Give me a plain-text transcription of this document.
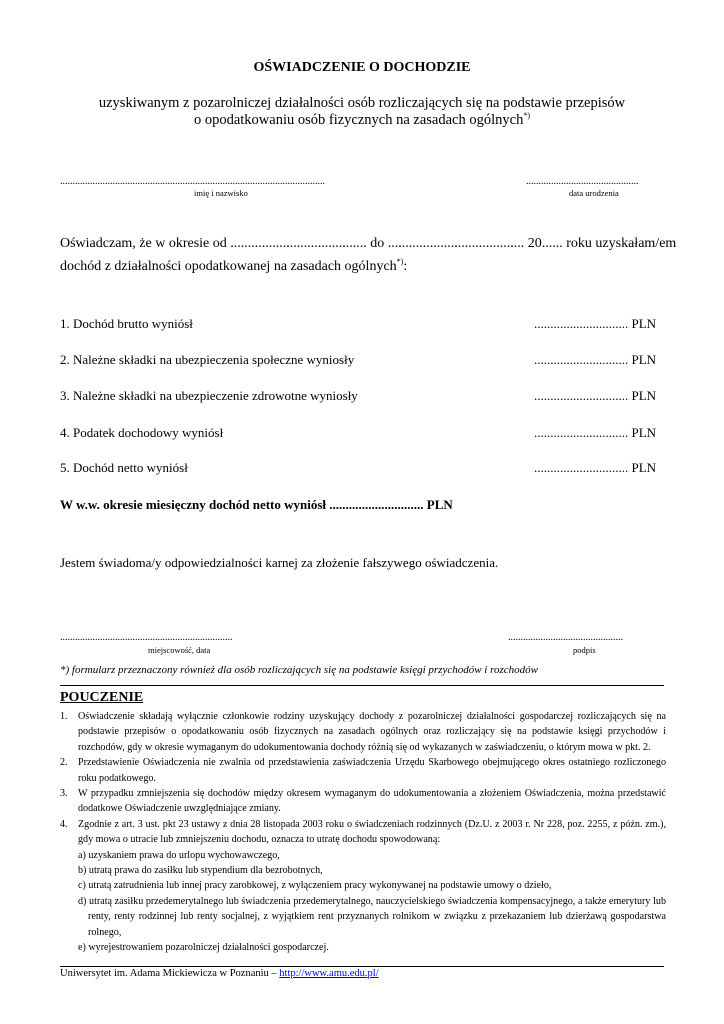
OŚWIADCZENIE O DOCHODZIE
uzyskiwanym z pozarolniczej działalności osób rozliczających się na podstawie przepisów
o opodatkowaniu osób fizycznych na zasadach ogólnych*)
..........................................................................................................
imię i nazwisko
.............................................
data urodzenia
Oświadczam, że w okresie od ....................................... do ....................................... 20...... roku uzyskałam/em
dochód z działalności opodatkowanej na zasadach ogólnych*):
1. Dochód brutto wyniósł	............................. PLN
2. Należne składki na ubezpieczenia społeczne wyniosły	............................. PLN
3. Należne składki na ubezpieczenie zdrowotne wyniosły	............................. PLN
4. Podatek dochodowy wyniósł	............................. PLN
5. Dochód netto wyniósł	............................. PLN
W w.w. okresie miesięczny dochód netto wyniósł ............................. PLN
Jestem świadoma/y odpowiedzialności karnej za złożenie fałszywego oświadczenia.
.....................................................................
miejscowość, data
..............................................
podpis
*) formularz przeznaczony również dla osób rozliczających się na podstawie księgi przychodów i rozchodów
POUCZENIE
1. Oświadczenie składają wyłącznie członkowie rodziny uzyskujący dochody z pozarolniczej działalności gospodarczej rozliczających się na podstawie przepisów o opodatkowaniu osób fizycznych na zasadach ogólnych oraz rozliczający się na podstawie księgi przychodów i rozchodów, gdy w okresie wymaganym do udokumentowania dochody różnią się od wykazanych w zaświadczeniu, o którym mowa w pkt. 2.
2. Przedstawienie Oświadczenia nie zwalnia od przedstawienia zaświadczenia Urzędu Skarbowego obejmującego okres ostatniego rozliczonego roku podatkowego.
3. W przypadku zmniejszenia się dochodów między okresem wymaganym do udokumentowania a złożeniem Oświadczenia, można przedstawić dodatkowe Oświadczenie uwzględniające zmiany.
4. Zgodnie z art. 3 ust. pkt 23 ustawy z dnia 28 listopada 2003 roku o świadczeniach rodzinnych (Dz.U. z 2003 r. Nr 228, poz. 2255, z późn. zm.), gdy mowa o utracie lub zmniejszeniu dochodu, oznacza to utratę dochodu spowodowaną:
a) uzyskaniem prawa do urlopu wychowawczego,
b) utratą prawa do zasiłku lub stypendium dla bezrobotnych,
c) utratą zatrudnienia lub innej pracy zarobkowej, z wyłączeniem pracy wykonywanej na podstawie umowy o dzieło,
d) utratą zasiłku przedemerytalnego lub świadczenia przedemerytalnego, nauczycielskiego świadczenia kompensacyjnego, a także emerytury lub renty, renty rodzinnej lub renty socjalnej, z wyjątkiem rent przyznanych rolnikom w związku z przekazaniem lub dzierżawą gospodarstwa rolnego,
e) wyrejestrowaniem pozarolniczej działalności gospodarczej.
Uniwersytet im. Adama Mickiewicza w Poznaniu – http://www.amu.edu.pl/
